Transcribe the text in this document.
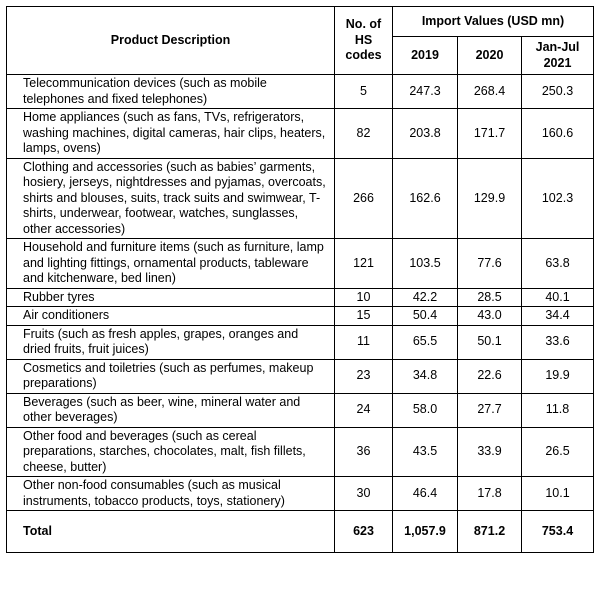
Product Description	No. of HS codes	Import Values (USD mn)		
		2019	2020	Jan-Jul 2021
Telecommunication devices (such as mobile telephones and fixed telephones)	5	247.3	268.4	250.3
Home appliances (such as fans, TVs, refrigerators, washing machines, digital cameras, hair clips, heaters, lamps, ovens)	82	203.8	171.7	160.6
Clothing and accessories (such as babies’ garments, hosiery, jerseys, nightdresses and pyjamas, overcoats, shirts and blouses, suits, track suits and swimwear, T-shirts, underwear, footwear, watches, sunglasses, other accessories)	266	162.6	129.9	102.3
Household and furniture items (such as furniture, lamp and lighting fittings, ornamental products, tableware and kitchenware, bed linen)	121	103.5	77.6	63.8
Rubber tyres	10	42.2	28.5	40.1
Air conditioners	15	50.4	43.0	34.4
Fruits (such as fresh apples, grapes, oranges and dried fruits, fruit juices)	11	65.5	50.1	33.6
Cosmetics and toiletries (such as perfumes, makeup preparations)	23	34.8	22.6	19.9
Beverages (such as beer, wine, mineral water and other beverages)	24	58.0	27.7	11.8
Other food and beverages (such as cereal preparations, starches, chocolates, malt, fish fillets, cheese, butter)	36	43.5	33.9	26.5
Other non-food consumables (such as musical instruments, tobacco products, toys, stationery)	30	46.4	17.8	10.1
Total	623	1,057.9	871.2	753.4
